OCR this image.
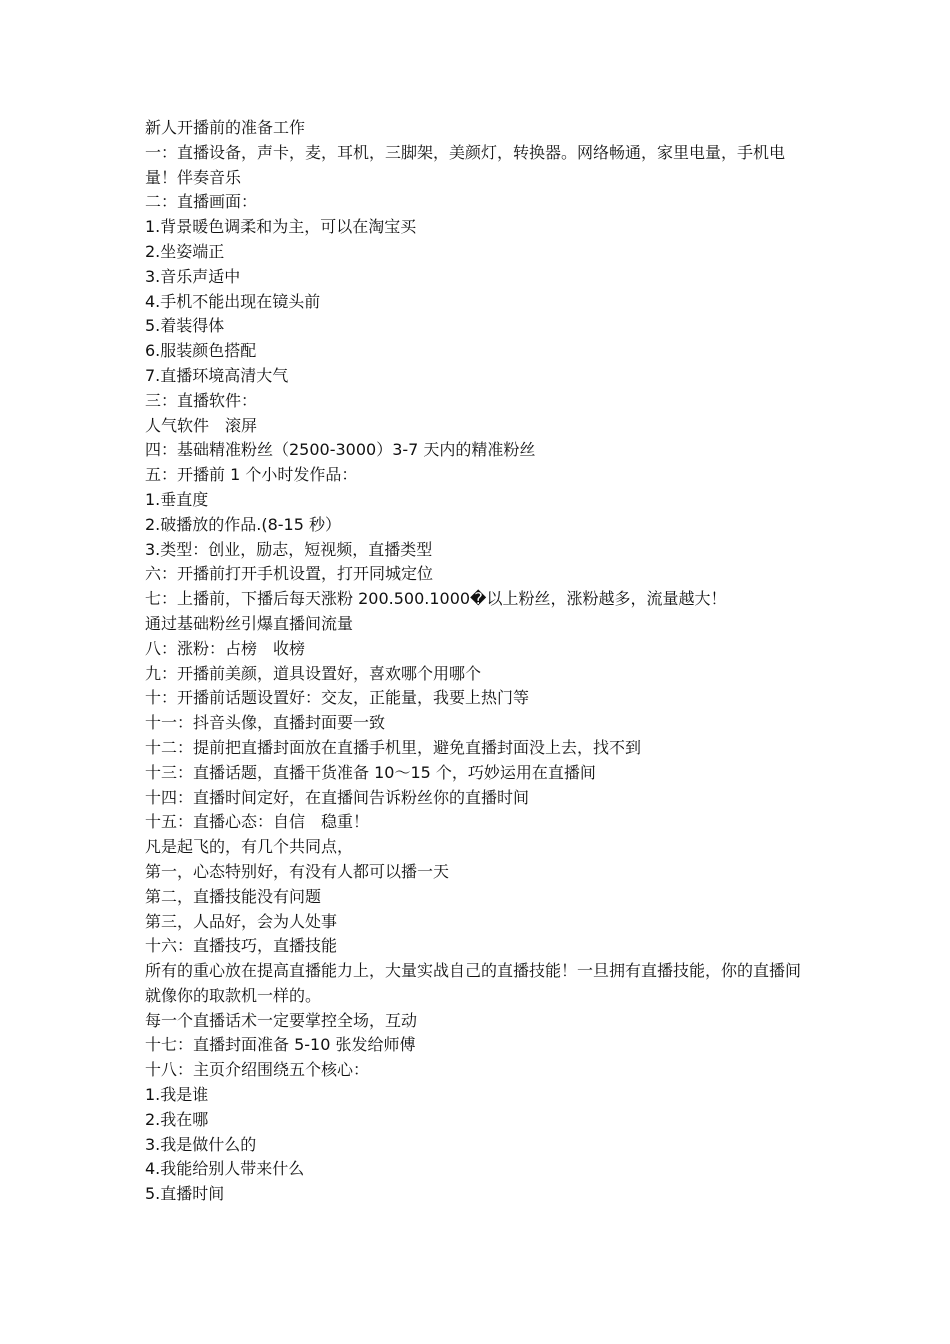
新人开播前的准备工作
一：直播设备，声卡，麦，耳机，三脚架，美颜灯，转换器。网络畅通，家里电量，手机电量！伴奏音乐
二：直播画面：
1.背景暖色调柔和为主，可以在淘宝买
2.坐姿端正
3.音乐声适中
4.手机不能出现在镜头前
5.着装得体
6.服装颜色搭配
7.直播环境高清大气
三：直播软件：
人气软件　滚屏
四：基础精准粉丝（2500-3000）3-7 天内的精准粉丝
五：开播前 1 个小时发作品：
1.垂直度
2.破播放的作品.(8-15 秒）
3.类型：创业，励志，短视频，直播类型
六：开播前打开手机设置，打开同城定位
七：上播前，下播后每天涨粉 200.500.1000�以上粉丝，涨粉越多，流量越大！
通过基础粉丝引爆直播间流量
八：涨粉：占榜　收榜
九：开播前美颜，道具设置好，喜欢哪个用哪个
十：开播前话题设置好：交友，正能量，我要上热门等
十一：抖音头像，直播封面要一致
十二：提前把直播封面放在直播手机里，避免直播封面没上去，找不到
十三：直播话题，直播干货准备 10～15 个，巧妙运用在直播间
十四：直播时间定好，在直播间告诉粉丝你的直播时间
十五：直播心态：自信　稳重！
凡是起飞的，有几个共同点，
第一，心态特别好，有没有人都可以播一天
第二，直播技能没有问题
第三，人品好，会为人处事
十六：直播技巧，直播技能
所有的重心放在提高直播能力上，大量实战自己的直播技能！一旦拥有直播技能，你的直播间就像你的取款机一样的。
每一个直播话术一定要掌控全场，互动
十七：直播封面准备 5-10 张发给师傅
十八：主页介绍围绕五个核心：
1.我是谁
2.我在哪
3.我是做什么的
4.我能给别人带来什么
5.直播时间
